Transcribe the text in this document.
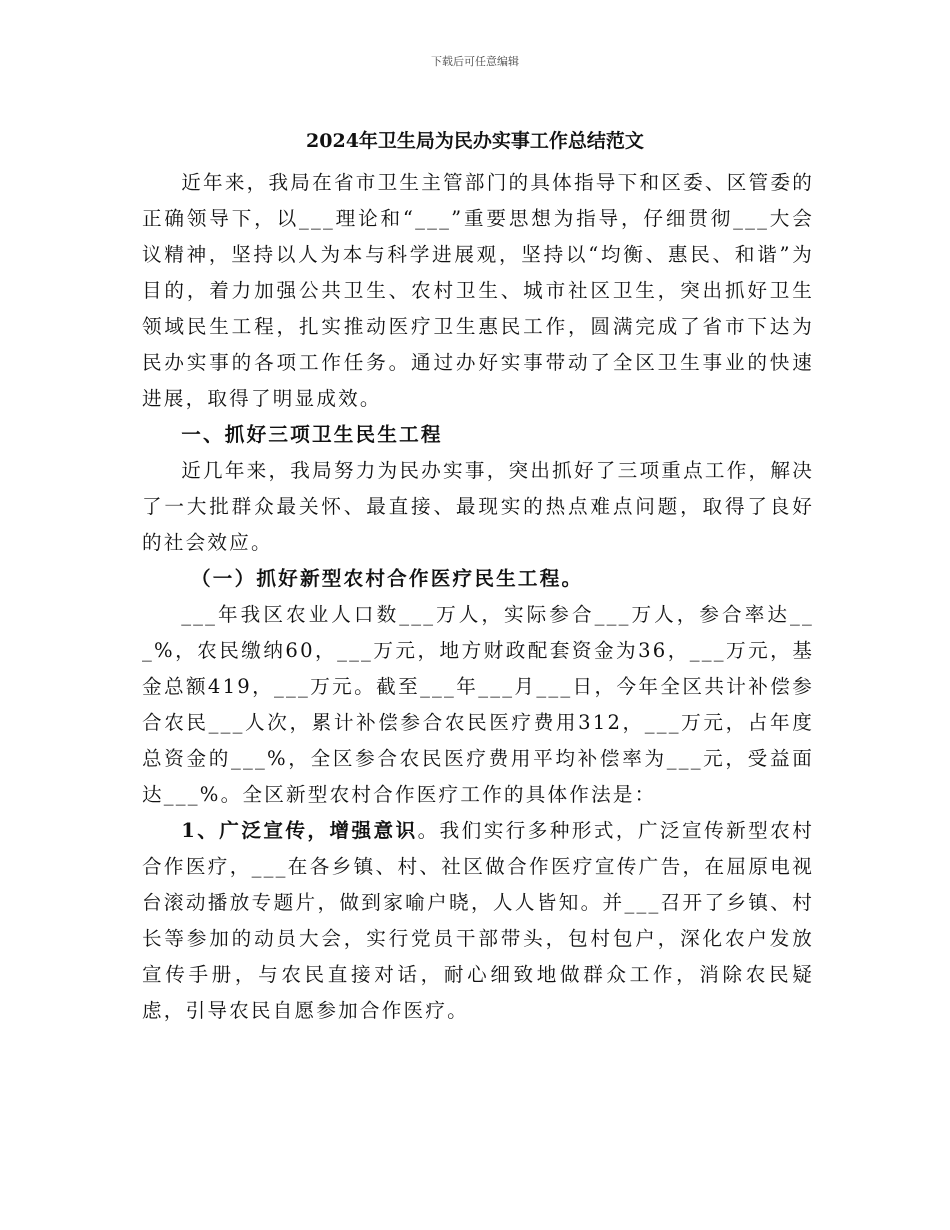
下载后可任意编辑
2024年卫生局为民办实事工作总结范文

近年来，我局在省市卫生主管部门的具体指导下和区委、区管委的正确领导下，以___理论和“___”重要思想为指导，仔细贯彻___大会议精神，坚持以人为本与科学进展观，坚持以“均衡、惠民、和谐”为目的，着力加强公共卫生、农村卫生、城市社区卫生，突出抓好卫生领域民生工程，扎实推动医疗卫生惠民工作，圆满完成了省市下达为民办实事的各项工作任务。通过办好实事带动了全区卫生事业的快速进展，取得了明显成效。

一、抓好三项卫生民生工程

近几年来，我局努力为民办实事，突出抓好了三项重点工作，解决了一大批群众最关怀、最直接、最现实的热点难点问题，取得了良好的社会效应。

（一）抓好新型农村合作医疗民生工程。

___年我区农业人口数___万人，实际参合___万人，参合率达___%，农民缴纳60，___万元，地方财政配套资金为36，___万元，基金总额419，___万元。截至___年___月___日，今年全区共计补偿参合农民___人次，累计补偿参合农民医疗费用312，___万元，占年度总资金的___%，全区参合农民医疗费用平均补偿率为___元，受益面达___%。全区新型农村合作医疗工作的具体作法是：

1、广泛宣传，增强意识。我们实行多种形式，广泛宣传新型农村合作医疗，___在各乡镇、村、社区做合作医疗宣传广告，在屈原电视台滚动播放专题片，做到家喻户晓，人人皆知。并___召开了乡镇、村长等参加的动员大会，实行党员干部带头，包村包户，深化农户发放宣传手册，与农民直接对话，耐心细致地做群众工作，消除农民疑虑，引导农民自愿参加合作医疗。
